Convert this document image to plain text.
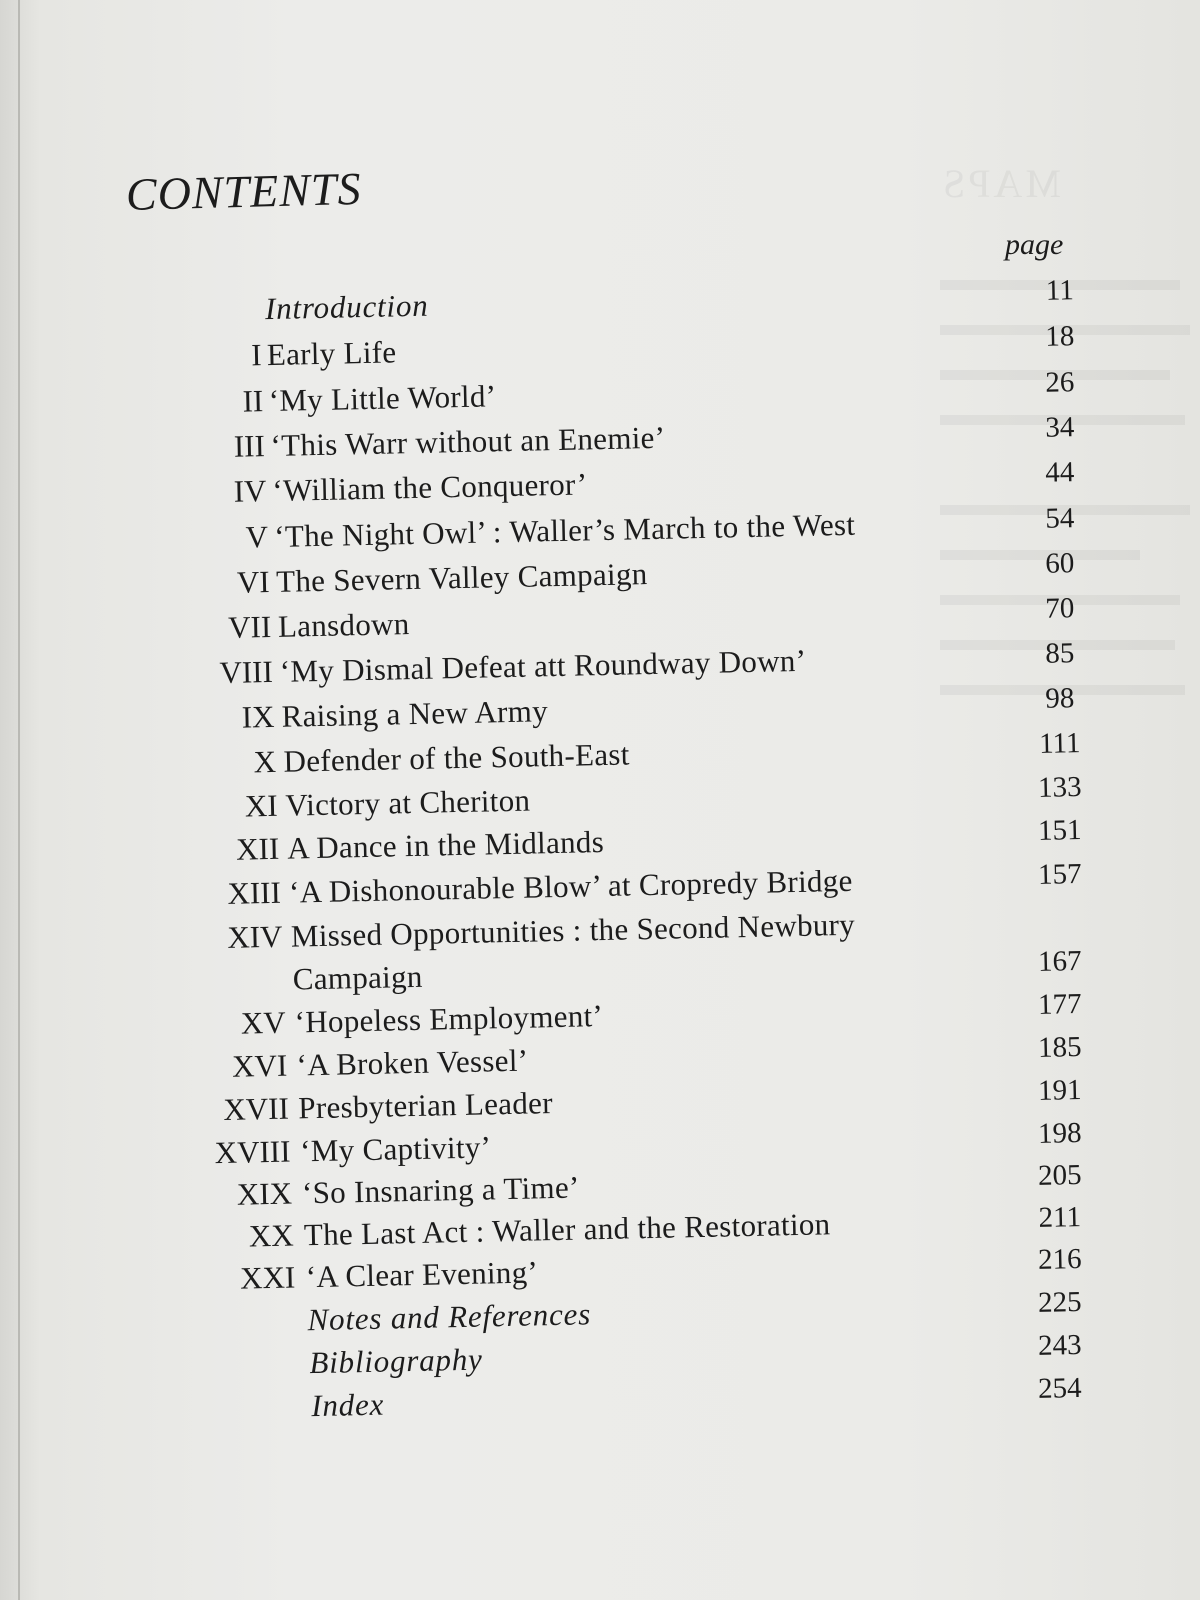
MAPS
CONTENTS
page
Introduction	11
I Early Life	18
II ‘My Little World’	26
III ‘This Warr without an Enemie’	34
IV ‘William the Conqueror’	44
V ‘The Night Owl’ : Waller’s March to the West	54
VI The Severn Valley Campaign	60
VII Lansdown	70
VIII ‘My Dismal Defeat att Roundway Down’	85
IX Raising a New Army	98
X Defender of the South-East	111
XI Victory at Cheriton	133
XII A Dance in the Midlands	151
XIII ‘A Dishonourable Blow’ at Cropredy Bridge	157
XIV Missed Opportunities : the Second Newbury
Campaign	167
XV ‘Hopeless Employment’	177
XVI ‘A Broken Vessel’	185
XVII Presbyterian Leader	191
XVIII ‘My Captivity’	198
XIX ‘So Insnaring a Time’	205
XX The Last Act : Waller and the Restoration	211
XXI ‘A Clear Evening’	216
Notes and References	225
Bibliography	243
Index	254
